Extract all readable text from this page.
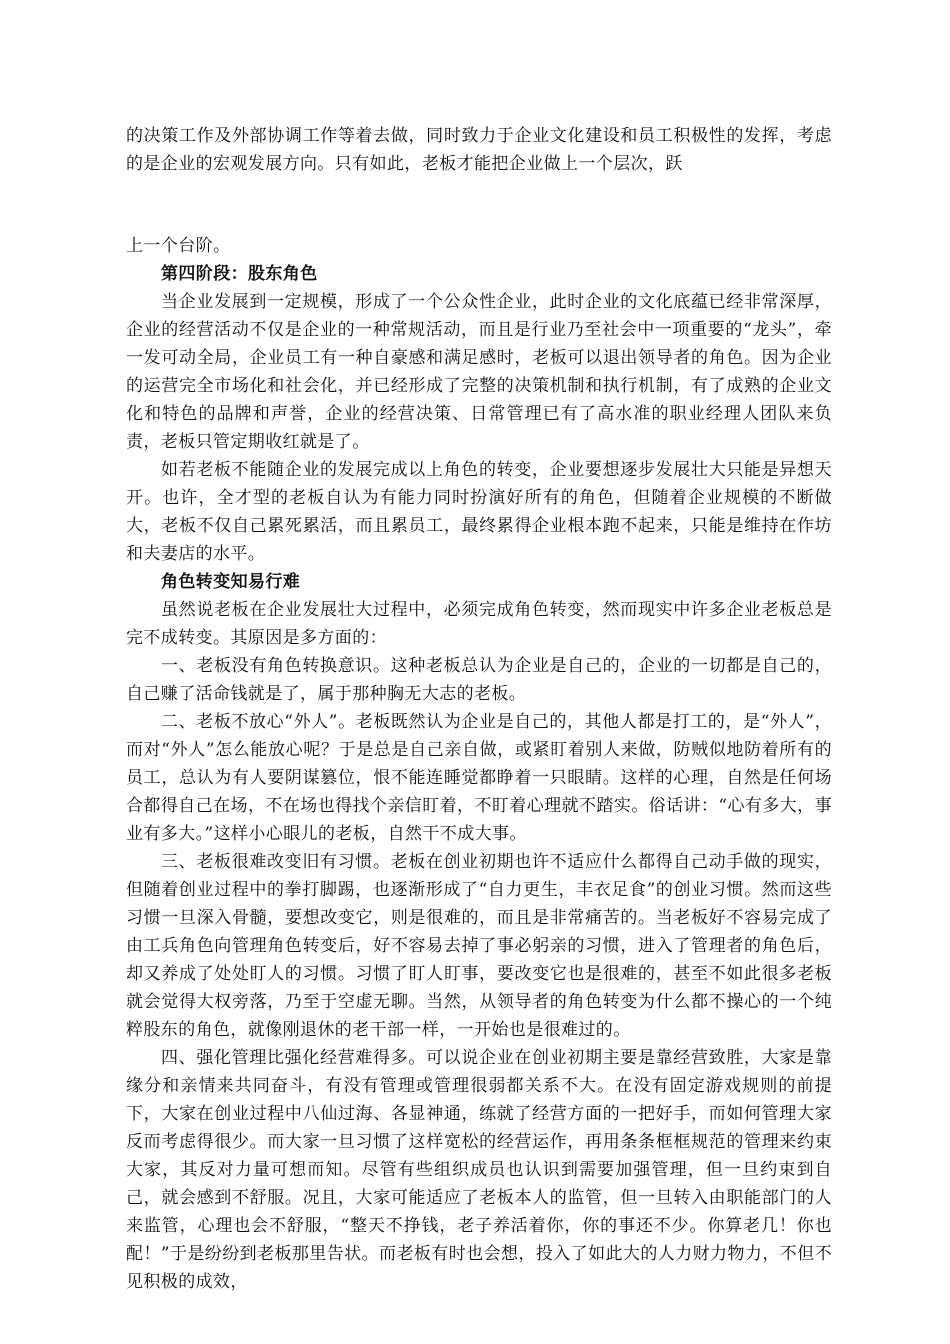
的决策工作及外部协调工作等着去做，同时致力于企业文化建设和员工积极性的发挥，考虑的是企业的宏观发展方向。只有如此，老板才能把企业做上一个层次，跃

上一个台阶。

第四阶段：股东角色

当企业发展到一定规模，形成了一个公众性企业，此时企业的文化底蕴已经非常深厚，企业的经营活动不仅是企业的一种常规活动，而且是行业乃至社会中一项重要的“龙头”，牵一发可动全局，企业员工有一种自豪感和满足感时，老板可以退出领导者的角色。因为企业的运营完全市场化和社会化，并已经形成了完整的决策机制和执行机制，有了成熟的企业文化和特色的品牌和声誉，企业的经营决策、日常管理已有了高水准的职业经理人团队来负责，老板只管定期收红就是了。

如若老板不能随企业的发展完成以上角色的转变，企业要想逐步发展壮大只能是异想天开。也许，全才型的老板自认为有能力同时扮演好所有的角色，但随着企业规模的不断做大，老板不仅自己累死累活，而且累员工，最终累得企业根本跑不起来，只能是维持在作坊和夫妻店的水平。

角色转变知易行难

虽然说老板在企业发展壮大过程中，必须完成角色转变，然而现实中许多企业老板总是完不成转变。其原因是多方面的：

一、老板没有角色转换意识。这种老板总认为企业是自己的，企业的一切都是自己的，自己赚了活命钱就是了，属于那种胸无大志的老板。

二、老板不放心“外人”。老板既然认为企业是自己的，其他人都是打工的，是“外人”，而对“外人”怎么能放心呢？于是总是自己亲自做，或紧盯着别人来做，防贼似地防着所有的员工，总认为有人要阴谋篡位，恨不能连睡觉都睁着一只眼睛。这样的心理，自然是任何场合都得自己在场，不在场也得找个亲信盯着，不盯着心理就不踏实。俗话讲：“心有多大，事业有多大。”这样小心眼儿的老板，自然干不成大事。

三、老板很难改变旧有习惯。老板在创业初期也许不适应什么都得自己动手做的现实，但随着创业过程中的拳打脚踢，也逐渐形成了“自力更生，丰衣足食”的创业习惯。然而这些习惯一旦深入骨髓，要想改变它，则是很难的，而且是非常痛苦的。当老板好不容易完成了由工兵角色向管理角色转变后，好不容易去掉了事必躬亲的习惯，进入了管理者的角色后，却又养成了处处盯人的习惯。习惯了盯人盯事，要改变它也是很难的，甚至不如此很多老板就会觉得大权旁落，乃至于空虚无聊。当然，从领导者的角色转变为什么都不操心的一个纯粹股东的角色，就像刚退休的老干部一样，一开始也是很难过的。

四、强化管理比强化经营难得多。可以说企业在创业初期主要是靠经营致胜，大家是靠缘分和亲情来共同奋斗，有没有管理或管理很弱都关系不大。在没有固定游戏规则的前提下，大家在创业过程中八仙过海、各显神通，练就了经营方面的一把好手，而如何管理大家反而考虑得很少。而大家一旦习惯了这样宽松的经营运作，再用条条框框规范的管理来约束大家，其反对力量可想而知。尽管有些组织成员也认识到需要加强管理，但一旦约束到自己，就会感到不舒服。况且，大家可能适应了老板本人的监管，但一旦转入由职能部门的人来监管，心理也会不舒服，“整天不挣钱，老子养活着你，你的事还不少。你算老几！你也配！”于是纷纷到老板那里告状。而老板有时也会想，投入了如此大的人力财力物力，不但不见积极的成效，
